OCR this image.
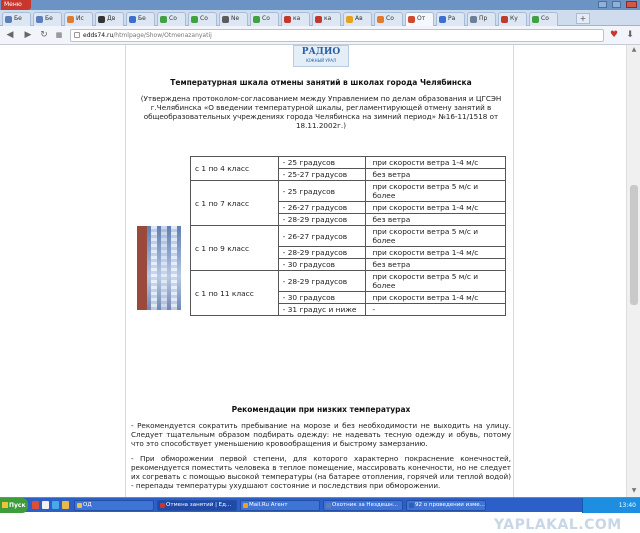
Меню
+
Бе	Бе	Ис	Дв	Бе	Со	Со	Ne	Со	ка	ка	Ав	Со	От	Ра	Пр	Ку	Со
◀ ▶ ↻	▦	edds74.ru/htmlpage/Show/Otmenazanyatij	♥ ⬇
РАДИО
ЮЖНЫЙ УРАЛ
Температурная шкала отмены занятий в школах города Челябинска
(Утверждена протоколом-согласованием между Управлением по делам образования и ЦГСЭН г.Челябинска «О введении температурной шкалы, регламентирующей отмену занятий в общеобразовательных учреждениях города Челябинска на зимний период» №16-11/1518 от 18.11.2002г.)
с 1 по 4 класс	- 25 градусов	при скорости ветра 1-4 м/с
	- 25-27 градусов	без ветра
с 1 по 7 класс	- 25 градусов	при скорости ветра 5 м/с и более
	- 26-27 градусов	при скорости ветра 1-4 м/с
	- 28-29 градусов	без ветра
с 1 по 9 класс	- 26-27 градусов	при скорости ветра 5 м/с и более
	- 28-29 градусов	при скорости ветра 1-4 м/с
	- 30 градусов	без ветра
с 1 по 11 класс	- 28-29 градусов	при скорости ветра 5 м/с и более
	- 30 градусов	при скорости ветра 1-4 м/с
	- 31 градус и ниже	-
Рекомендации при низких температурах
- Рекомендуется сократить пребывание на морозе и без необходимости не выходить на улицу. Следует тщательным образом подбирать одежду: не надевать тесную одежду и обувь, потому что это способствует уменьшению кровообращения и быстрому замерзанию.
- При обморожении первой степени, для которого характерно покраснение конечностей, рекомендуется поместить человека в теплое помещение, массировать конечности, но не следует их согревать с помощью высокой температуры (на батарее отопления, горячей или теплой водой) - перепады температуры ухудшают состояние и последствия при обморожении.
YAPLAKAL.COM
▲
▼
Пуск	13:40
ОД	Отмена занятий | Ед...	Mail.Ru Агент	Охотник за Нездешн...	92 о проведении изме...
